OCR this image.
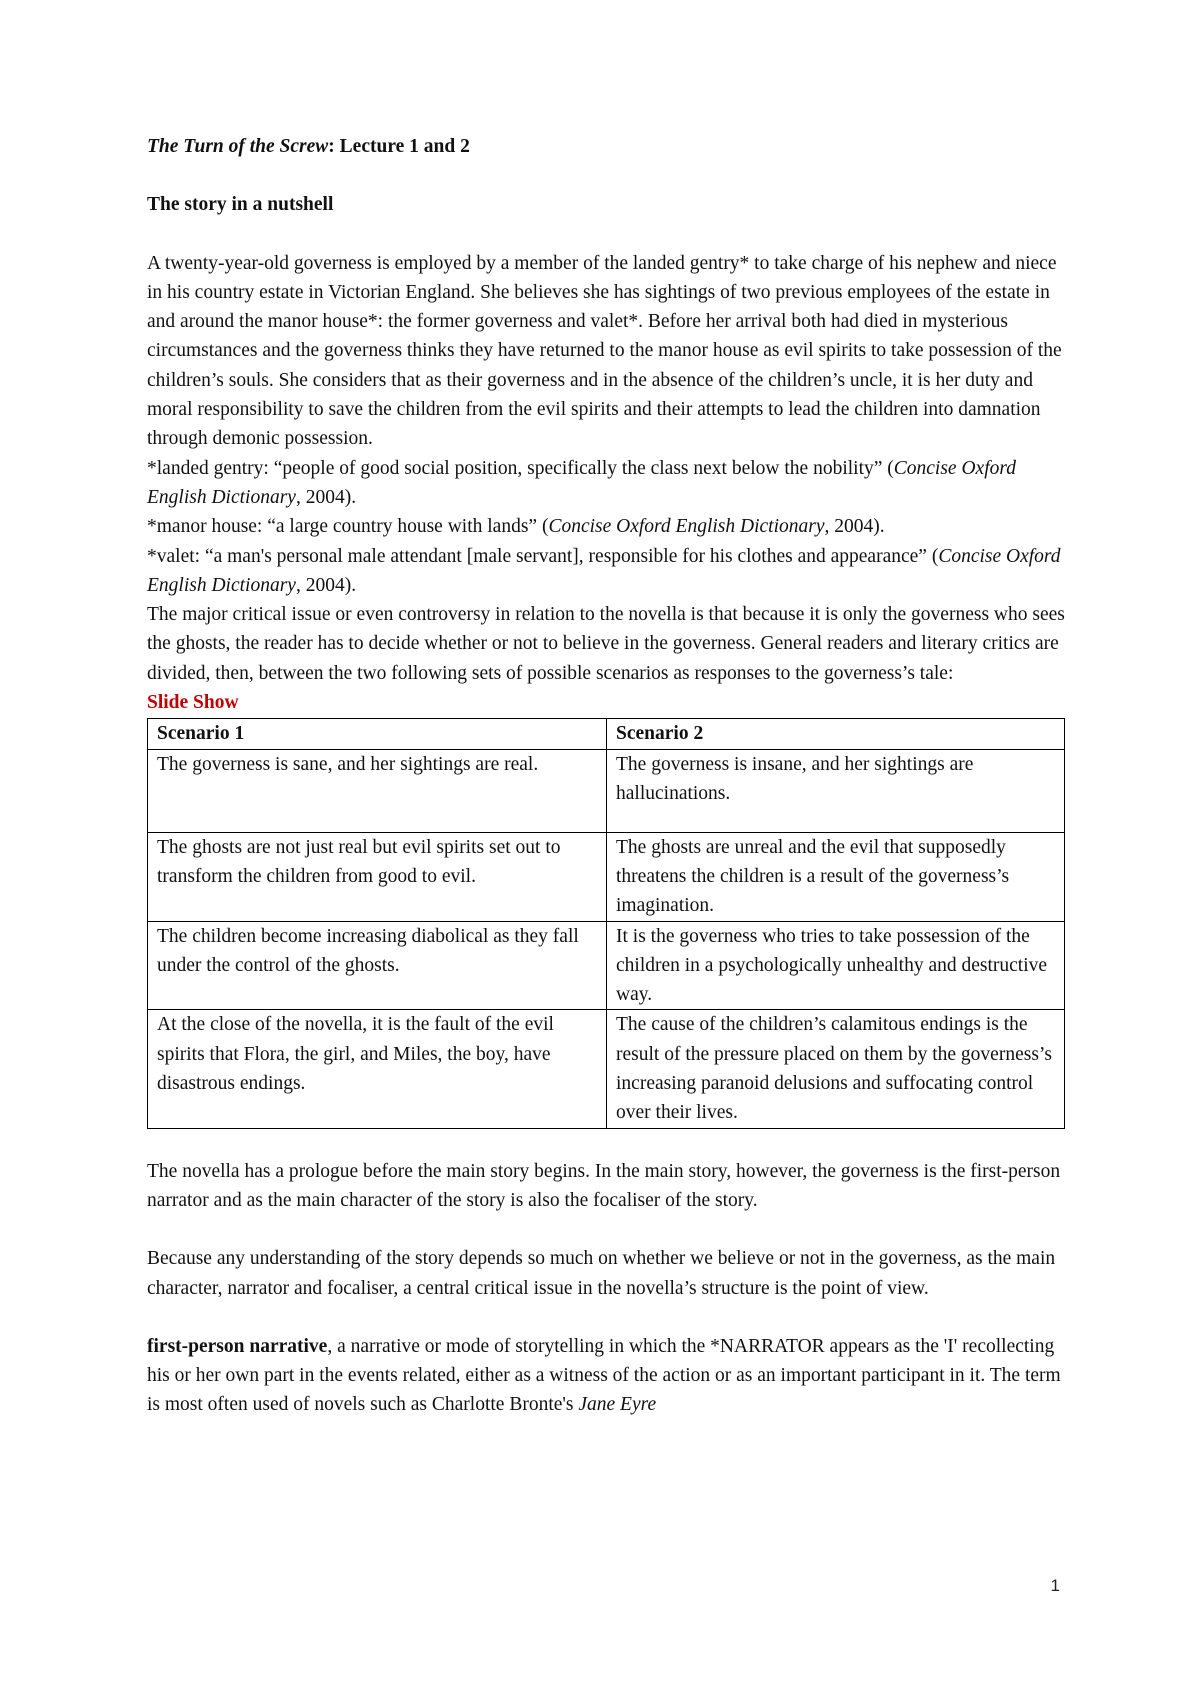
The Turn of the Screw: Lecture 1 and 2

The story in a nutshell

A twenty-year-old governess is employed by a member of the landed gentry* to take charge of his nephew and niece in his country estate in Victorian England. She believes she has sightings of two previous employees of the estate in and around the manor house*: the former governess and valet*. Before her arrival both had died in mysterious circumstances and the governess thinks they have returned to the manor house as evil spirits to take possession of the children’s souls. She considers that as their governess and in the absence of the children’s uncle, it is her duty and moral responsibility to save the children from the evil spirits and their attempts to lead the children into damnation through demonic possession.

*landed gentry: “people of good social position, specifically the class next below the nobility” (Concise Oxford English Dictionary, 2004).

*manor house: “a large country house with lands” (Concise Oxford English Dictionary, 2004).

*valet: “a man's personal male attendant [male servant], responsible for his clothes and appearance” (Concise Oxford English Dictionary, 2004).

The major critical issue or even controversy in relation to the novella is that because it is only the governess who sees the ghosts, the reader has to decide whether or not to believe in the governess. General readers and literary critics are divided, then, between the two following sets of possible scenarios as responses to the governess’s tale:

Slide Show

Scenario 1	Scenario 2
The governess is sane, and her sightings are real.	The governess is insane, and her sightings are hallucinations.
The ghosts are not just real but evil spirits set out to transform the children from good to evil.	The ghosts are unreal and the evil that supposedly threatens the children is a result of the governess’s imagination.
The children become increasing diabolical as they fall under the control of the ghosts.	It is the governess who tries to take possession of the children in a psychologically unhealthy and destructive way.
At the close of the novella, it is the fault of the evil spirits that Flora, the girl, and Miles, the boy, have disastrous endings.	The cause of the children’s calamitous endings is the result of the pressure placed on them by the governess’s increasing paranoid delusions and suffocating control over their lives.

The novella has a prologue before the main story begins. In the main story, however, the governess is the first-person narrator and as the main character of the story is also the focaliser of the story.

Because any understanding of the story depends so much on whether we believe or not in the governess, as the main character, narrator and focaliser, a central critical issue in the novella’s structure is the point of view.

first-person narrative, a narrative or mode of storytelling in which the *NARRATOR appears as the 'I' recollecting his or her own part in the events related, either as a witness of the action or as an important participant in it. The term is most often used of novels such as Charlotte Bronte's Jane Eyre

1
